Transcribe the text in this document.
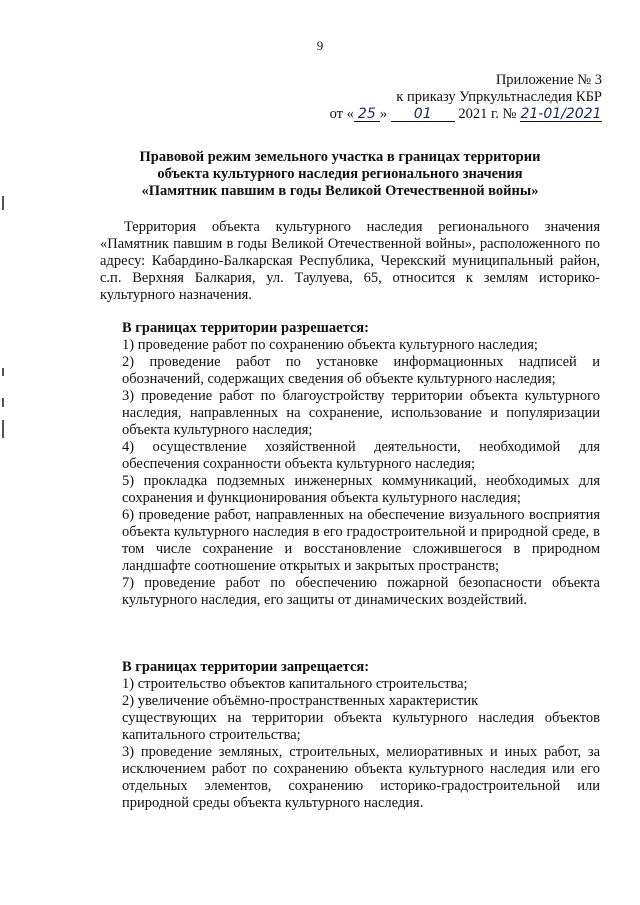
9
Приложение № 3
к приказу Упркультнаследия КБР
от « 25 » 01 2021 г. № 21-01/2021
Правовой режим земельного участка в границах территории
объекта культурного наследия регионального значения
«Памятник павшим в годы Великой Отечественной войны»
Территория объекта культурного наследия регионального значения «Памятник павшим в годы Великой Отечественной войны», расположенного по адресу: Кабардино-Балкарская Республика, Черекский муниципальный район, с.п. Верхняя Балкария, ул. Таулуева, 65, относится к землям историко-культурного назначения.
В границах территории разрешается:

1) проведение работ по сохранению объекта культурного наследия;

2) проведение работ по установке информационных надписей и обозначений, содержащих сведения об объекте культурного наследия;

3) проведение работ по благоустройству территории объекта культурного наследия, направленных на сохранение, использование и популяризации объекта культурного наследия;

4) осуществление хозяйственной деятельности, необходимой для обеспечения сохранности объекта культурного наследия;

5) прокладка подземных инженерных коммуникаций, необходимых для сохранения и функционирования объекта культурного наследия;

6) проведение работ, направленных на обеспечение визуального восприятия объекта культурного наследия в его градостроительной и природной среде, в том числе сохранение и восстановление сложившегося в природном ландшафте соотношение открытых и закрытых пространств;

7) проведение работ по обеспечению пожарной безопасности объекта культурного наследия, его защиты от динамических воздействий.

В границах территории запрещается:

1) строительство объектов капитального строительства;

2) увеличение объёмно-пространственных характеристик

существующих на территории объекта культурного наследия объектов капитального строительства;

3) проведение земляных, строительных, мелиоративных и иных работ, за исключением работ по сохранению объекта культурного наследия или его отдельных элементов, сохранению историко-градостроительной или природной среды объекта культурного наследия.
